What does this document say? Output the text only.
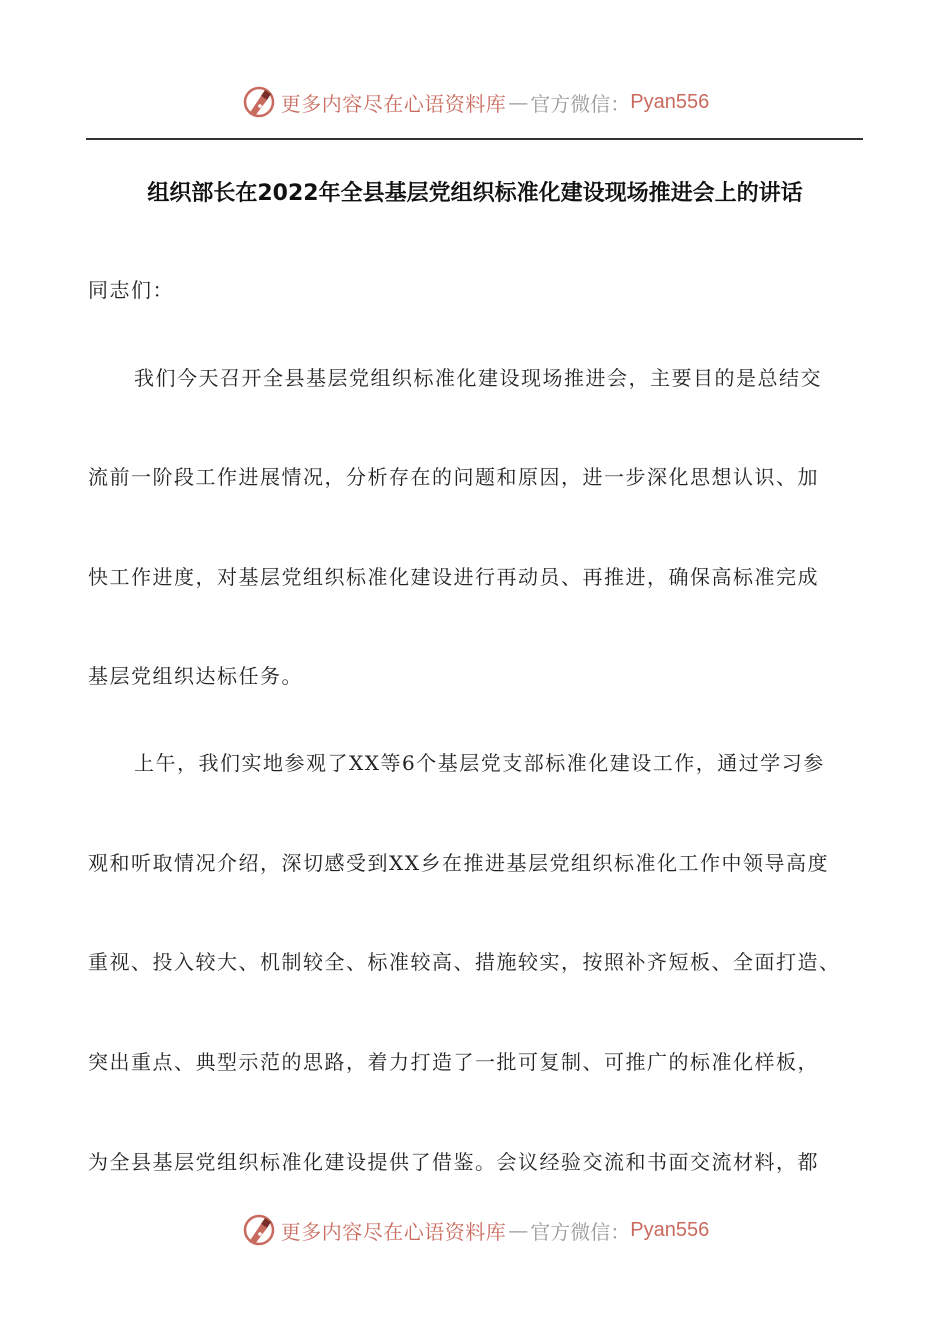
更多内容尽在心语资料库 — 官方微信： Pyan556
组织部长在2022年全县基层党组织标准化建设现场推进会上的讲话
同志们：
我们今天召开全县基层党组织标准化建设现场推进会，主要目的是总结交
流前一阶段工作进展情况，分析存在的问题和原因，进一步深化思想认识、加
快工作进度，对基层党组织标准化建设进行再动员、再推进，确保高标准完成
基层党组织达标任务。
上午，我们实地参观了XX等6个基层党支部标准化建设工作，通过学习参
观和听取情况介绍，深切感受到XX乡在推进基层党组织标准化工作中领导高度
重视、投入较大、机制较全、标准较高、措施较实，按照补齐短板、全面打造、
突出重点、典型示范的思路，着力打造了一批可复制、可推广的标准化样板，
为全县基层党组织标准化建设提供了借鉴。会议经验交流和书面交流材料，都
更多内容尽在心语资料库 — 官方微信： Pyan556
